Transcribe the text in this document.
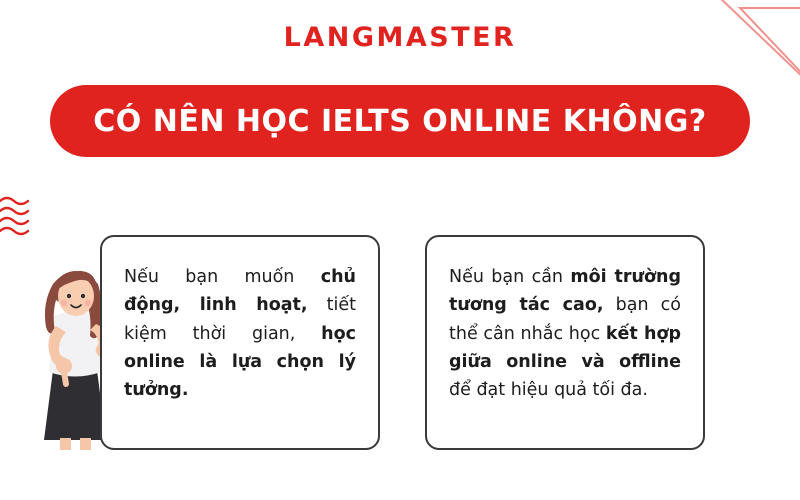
LANGMASTER
CÓ NÊN HỌC IELTS ONLINE KHÔNG?

Nếu bạn muốn chủ động, linh hoạt, tiết kiệm thời gian, học online là lựa chọn lý tưởng.

Nếu bạn cần môi trường tương tác cao, bạn có thể cân nhắc học kết hợp giữa online và offline để đạt hiệu quả tối đa.
